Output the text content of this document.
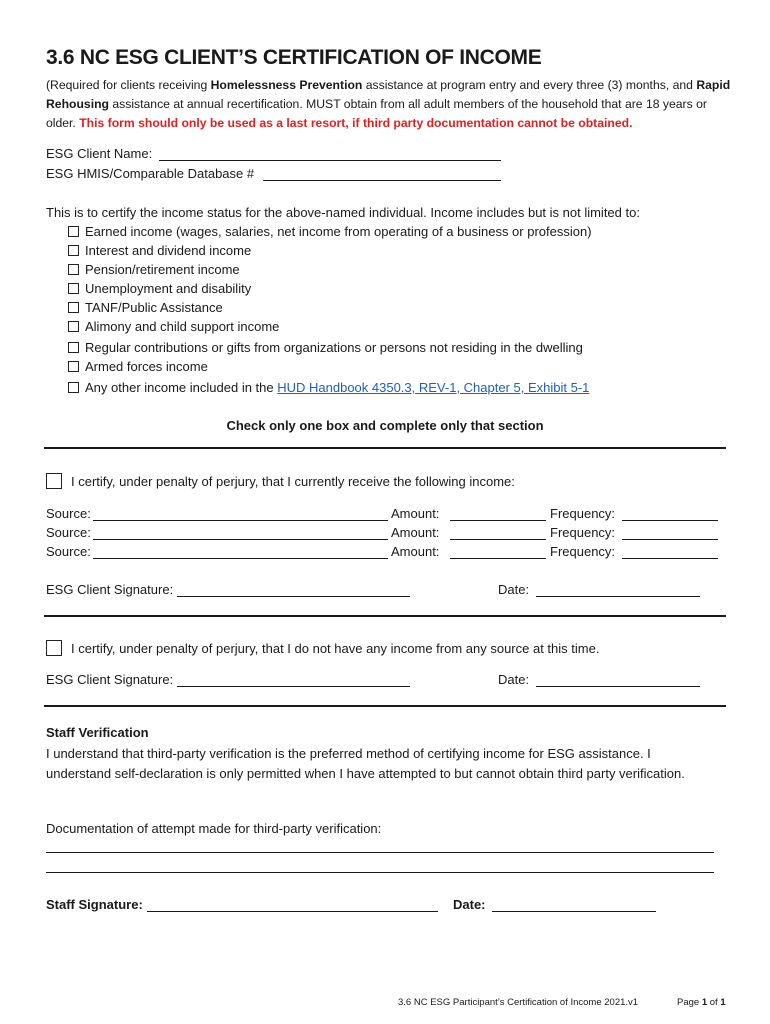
3.6 NC ESG CLIENT’S CERTIFICATION OF INCOME
(Required for clients receiving Homelessness Prevention assistance at program entry and every three (3) months, and Rapid Rehousing assistance at annual recertification. MUST obtain from all adult members of the household that are 18 years or older. This form should only be used as a last resort, if third party documentation cannot be obtained.
ESG Client Name:
ESG HMIS/Comparable Database #
This is to certify the income status for the above-named individual. Income includes but is not limited to:
Earned income (wages, salaries, net income from operating of a business or profession)
Interest and dividend income
Pension/retirement income
Unemployment and disability
TANF/Public Assistance
Alimony and child support income
Regular contributions or gifts from organizations or persons not residing in the dwelling
Armed forces income
Any other income included in the HUD Handbook 4350.3, REV-1, Chapter 5, Exhibit 5-1
Check only one box and complete only that section
I certify, under penalty of perjury, that I currently receive the following income:
Source:	Amount:	Frequency:
Source:	Amount:	Frequency:
Source:	Amount:	Frequency:
ESG Client Signature:	Date:
I certify, under penalty of perjury, that I do not have any income from any source at this time.
ESG Client Signature:	Date:
Staff Verification
I understand that third-party verification is the preferred method of certifying income for ESG assistance. I understand self-declaration is only permitted when I have attempted to but cannot obtain third party verification.
Documentation of attempt made for third-party verification:
Staff Signature:	Date:
3.6 NC ESG Participant’s Certification of Income 2021.v1	Page 1 of 1
